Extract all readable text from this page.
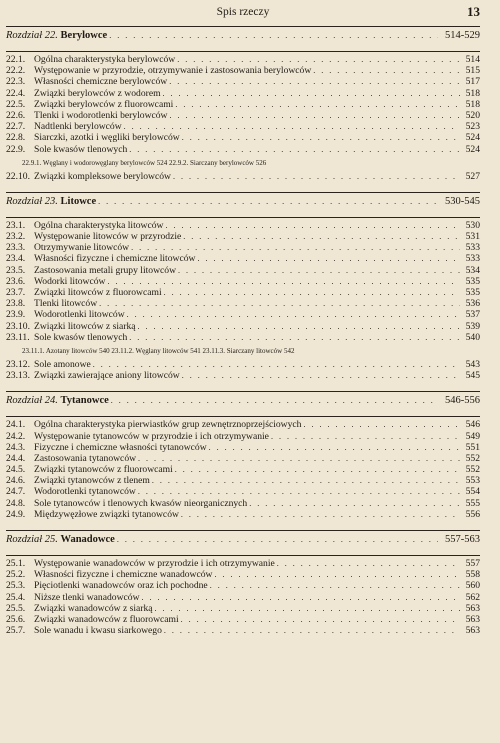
Spis rzeczy	13
Rozdział 22. Berylowce . . .	514-529
22.1. Ogólna charakterystyka berylowców . . .	514
22.2. Występowanie w przyrodzie, otrzymywanie i zastosowania berylowców . . .	515
22.3. Własności chemiczne berylowców . . .	517
22.4. Związki berylowców z wodorem . . .	518
22.5. Związki berylowców z fluorowcami . . .	518
22.6. Tlenki i wodorotlenki berylowców . . .	520
22.7. Nadtlenki berylowców . . .	523
22.8. Siarczki, azotki i węgliki berylowców . . .	524
22.9. Sole kwasów tlenowych . . .	524
22.9.1. Węglany i wodorowęglany berylowców 524 22.9.2. Siarczany berylowców 526
22.10. Związki kompleksowe berylowców . . .	527
Rozdział 23. Litowce . . .	530-545
23.1. Ogólna charakterystyka litowców . . .	530
23.2. Występowanie litowców w przyrodzie . . .	531
23.3. Otrzymywanie litowców . . .	533
23.4. Własności fizyczne i chemiczne litowców . . .	533
23.5. Zastosowania metali grupy litowców . . .	534
23.6. Wodorki litowców . . .	535
23.7. Związki litowców z fluorowcami . . .	535
23.8. Tlenki litowców . . .	536
23.9. Wodorotlenki litowców . . .	537
23.10. Związki litowców z siarką . . .	539
23.11. Sole kwasów tlenowych . . .	540
23.11.1. Azotany litowców 540 23.11.2. Węglany litowców 541 23.11.3. Siarczany litowców 542
23.12. Sole amonowe . . .	543
23.13. Związki zawierające aniony litowców . . .	545
Rozdział 24. Tytanowce . . .	546-556
24.1. Ogólna charakterystyka pierwiastków grup zewnętrznoprzejściowych . . .	546
24.2. Występowanie tytanowców w przyrodzie i ich otrzymywanie . . .	549
24.3. Fizyczne i chemiczne własności tytanowców . . .	551
24.4. Zastosowania tytanowców . . .	552
24.5. Związki tytanowców z fluorowcami . . .	552
24.6. Związki tytanowców z tlenem . . .	553
24.7. Wodorotlenki tytanowców . . .	554
24.8. Sole tytanowców i tlenowych kwasów nieorganicznych . . .	555
24.9. Międzywęzłowe związki tytanowców . . .	556
Rozdział 25. Wanadowce . . .	557-563
25.1. Występowanie wanadowców w przyrodzie i ich otrzymywanie . . .	557
25.2. Własności fizyczne i chemiczne wanadowców . . .	558
25.3. Pięciotlenki wanadowców oraz ich pochodne . . .	560
25.4. Niższe tlenki wanadowców . . .	562
25.5. Związki wanadowców z siarką . . .	563
25.6. Związki wanadowców z fluorowcami . . .	563
25.7. Sole wanadu i kwasu siarkowego . . .	563
